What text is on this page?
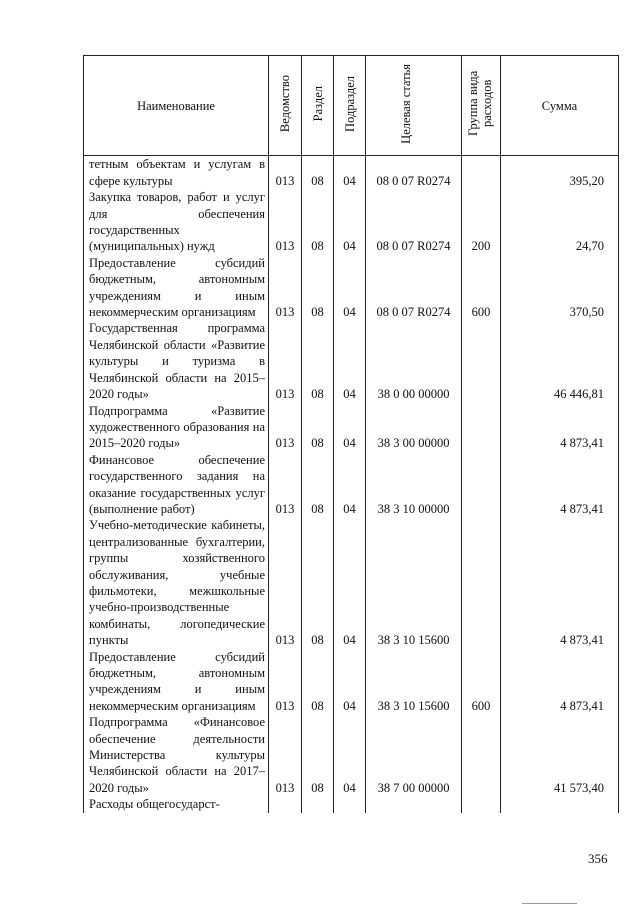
Наименование	Ведомство	Раздел	Подраздел	Целевая статья	Группа вида расходов	Сумма
тетным объектам и услугам в сфере культуры	013	08	04	08 0 07 R0274		395,20
Закупка товаров, работ и услуг для обеспечения государственных (муниципальных) нужд	013	08	04	08 0 07 R0274	200	24,70
Предоставление субсидий бюджетным, автономным учреждениям и иным некоммерческим организациям	013	08	04	08 0 07 R0274	600	370,50
Государственная программа Челябинской области «Развитие культуры и туризма в Челябинской области на 2015–2020 годы»	013	08	04	38 0 00 00000		46 446,81
Подпрограмма «Развитие художественного образования на 2015–2020 годы»	013	08	04	38 3 00 00000		4 873,41
Финансовое обеспечение государственного задания на оказание государственных услуг (выполнение работ)	013	08	04	38 3 10 00000		4 873,41
Учебно-методические кабинеты, централизованные бухгалтерии, группы хозяйственного обслуживания, учебные фильмотеки, межшкольные учебно-производственные комбинаты, логопедические пункты	013	08	04	38 3 10 15600		4 873,41
Предоставление субсидий бюджетным, автономным учреждениям и иным некоммерческим организациям	013	08	04	38 3 10 15600	600	4 873,41
Подпрограмма «Финансовое обеспечение деятельности Министерства культуры Челябинской области на 2017–2020 годы»	013	08	04	38 7 00 00000		41 573,40
Расходы общегосударст-						
356
